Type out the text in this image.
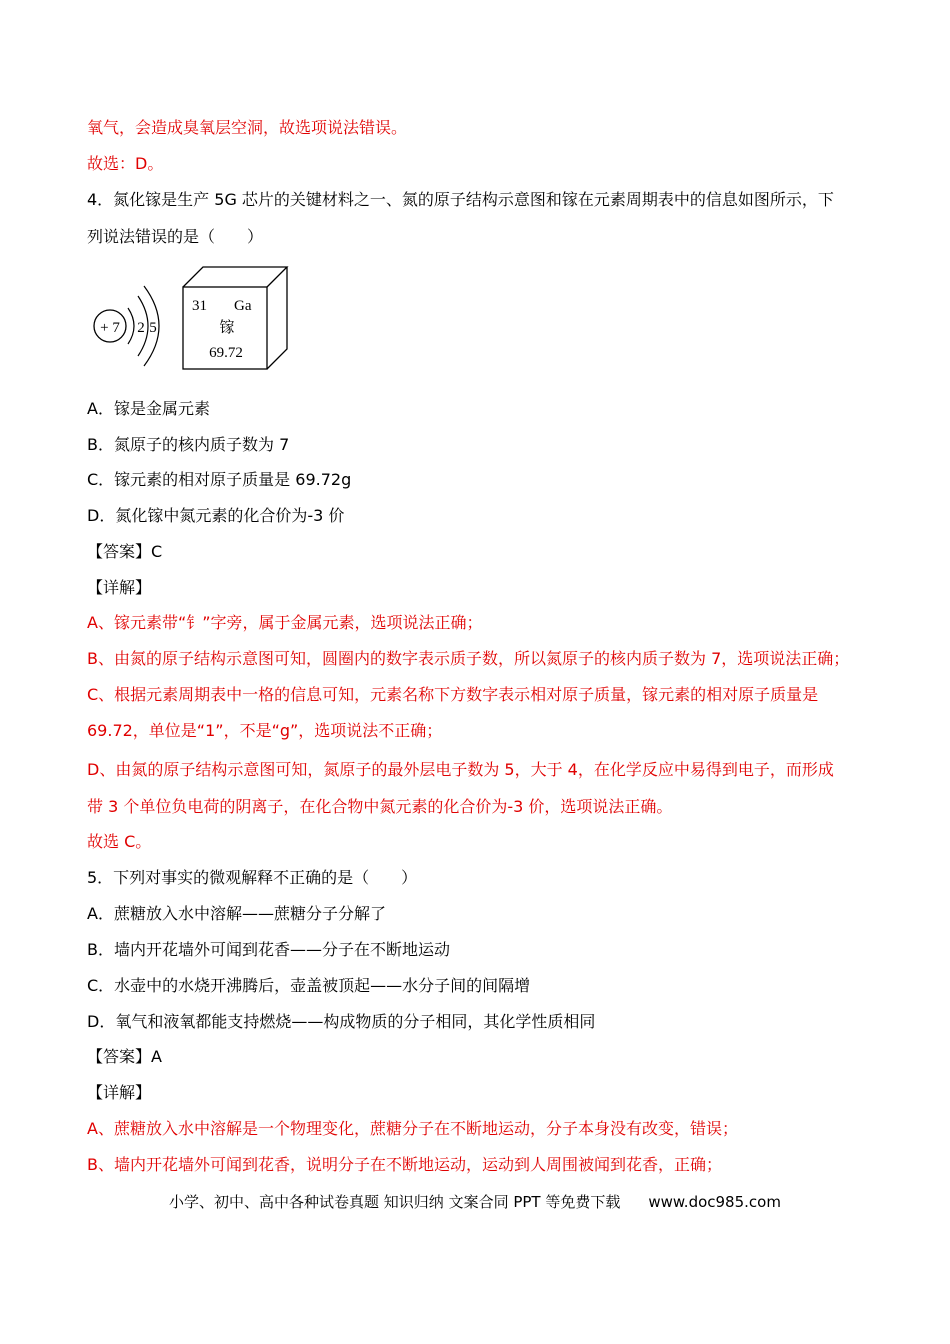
氧气，会造成臭氧层空洞，故选项说法错误。
故选：D。
4．氮化镓是生产 5G 芯片的关键材料之一、氮的原子结构示意图和镓在元素周期表中的信息如图所示，下
列说法错误的是（　　）
+ 7 2 5
31 Ga
镓
69.72
A．镓是金属元素
B．氮原子的核内质子数为 7
C．镓元素的相对原子质量是 69.72g
D．氮化镓中氮元素的化合价为-3 价
【答案】C
【详解】
A、镓元素带“钅”字旁，属于金属元素，选项说法正确；
B、由氮的原子结构示意图可知，圆圈内的数字表示质子数，所以氮原子的核内质子数为 7，选项说法正确；
C、根据元素周期表中一格的信息可知，元素名称下方数字表示相对原子质量，镓元素的相对原子质量是
69.72，单位是“1”，不是“g”，选项说法不正确；
D、由氮的原子结构示意图可知，氮原子的最外层电子数为 5，大于 4，在化学反应中易得到电子，而形成
带 3 个单位负电荷的阴离子，在化合物中氮元素的化合价为-3 价，选项说法正确。
故选 C。
5．下列对事实的微观解释不正确的是（　　）
A．蔗糖放入水中溶解——蔗糖分子分解了
B．墙内开花墙外可闻到花香——分子在不断地运动
C．水壶中的水烧开沸腾后，壶盖被顶起——水分子间的间隔增
D．氧气和液氧都能支持燃烧——构成物质的分子相同，其化学性质相同
【答案】A
【详解】
A、蔗糖放入水中溶解是一个物理变化，蔗糖分子在不断地运动，分子本身没有改变，错误；
B、墙内开花墙外可闻到花香，说明分子在不断地运动，运动到人周围被闻到花香，正确；
小学、初中、高中各种试卷真题 知识归纳 文案合同 PPT 等免费下载 www.doc985.com
